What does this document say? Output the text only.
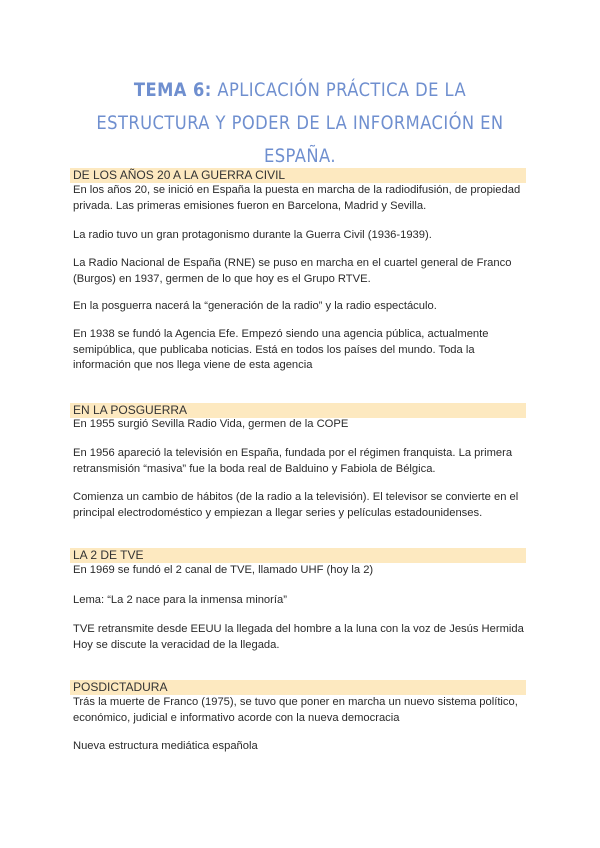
TEMA 6: APLICACIÓN PRÁCTICA DE LA ESTRUCTURA Y PODER DE LA INFORMACIÓN EN ESPAÑA.
DE LOS AÑOS 20 A LA GUERRA CIVIL
En los años 20, se inició en España la puesta en marcha de la radiodifusión, de propiedad privada. Las primeras emisiones fueron en Barcelona, Madrid y Sevilla.
La radio tuvo un gran protagonismo durante la Guerra Civil (1936-1939).
La Radio Nacional de España (RNE) se puso en marcha en el cuartel general de Franco (Burgos) en 1937, germen de lo que hoy es el Grupo RTVE.
En la posguerra nacerá la “generación de la radio” y la radio espectáculo.
En 1938 se fundó la Agencia Efe. Empezó siendo una agencia pública, actualmente semipública, que publicaba noticias. Está en todos los países del mundo. Toda la información que nos llega viene de esta agencia
EN LA POSGUERRA
En 1955 surgió Sevilla Radio Vida, germen de la COPE
En 1956 apareció la televisión en España, fundada por el régimen franquista. La primera retransmisión “masiva” fue la boda real de Balduino y Fabiola de Bélgica.
Comienza un cambio de hábitos (de la radio a la televisión). El televisor se convierte en el principal electrodoméstico y empiezan a llegar series y películas estadounidenses.
LA 2 DE TVE
En 1969 se fundó el 2 canal de TVE, llamado UHF (hoy la 2)
Lema: “La 2 nace para la inmensa minoría”
TVE retransmite desde EEUU la llegada del hombre a la luna con la voz de Jesús Hermida Hoy se discute la veracidad de la llegada.
POSDICTADURA
Trás la muerte de Franco (1975), se tuvo que poner en marcha un nuevo sistema político, económico, judicial e informativo acorde con la nueva democracia
Nueva estructura mediática española
